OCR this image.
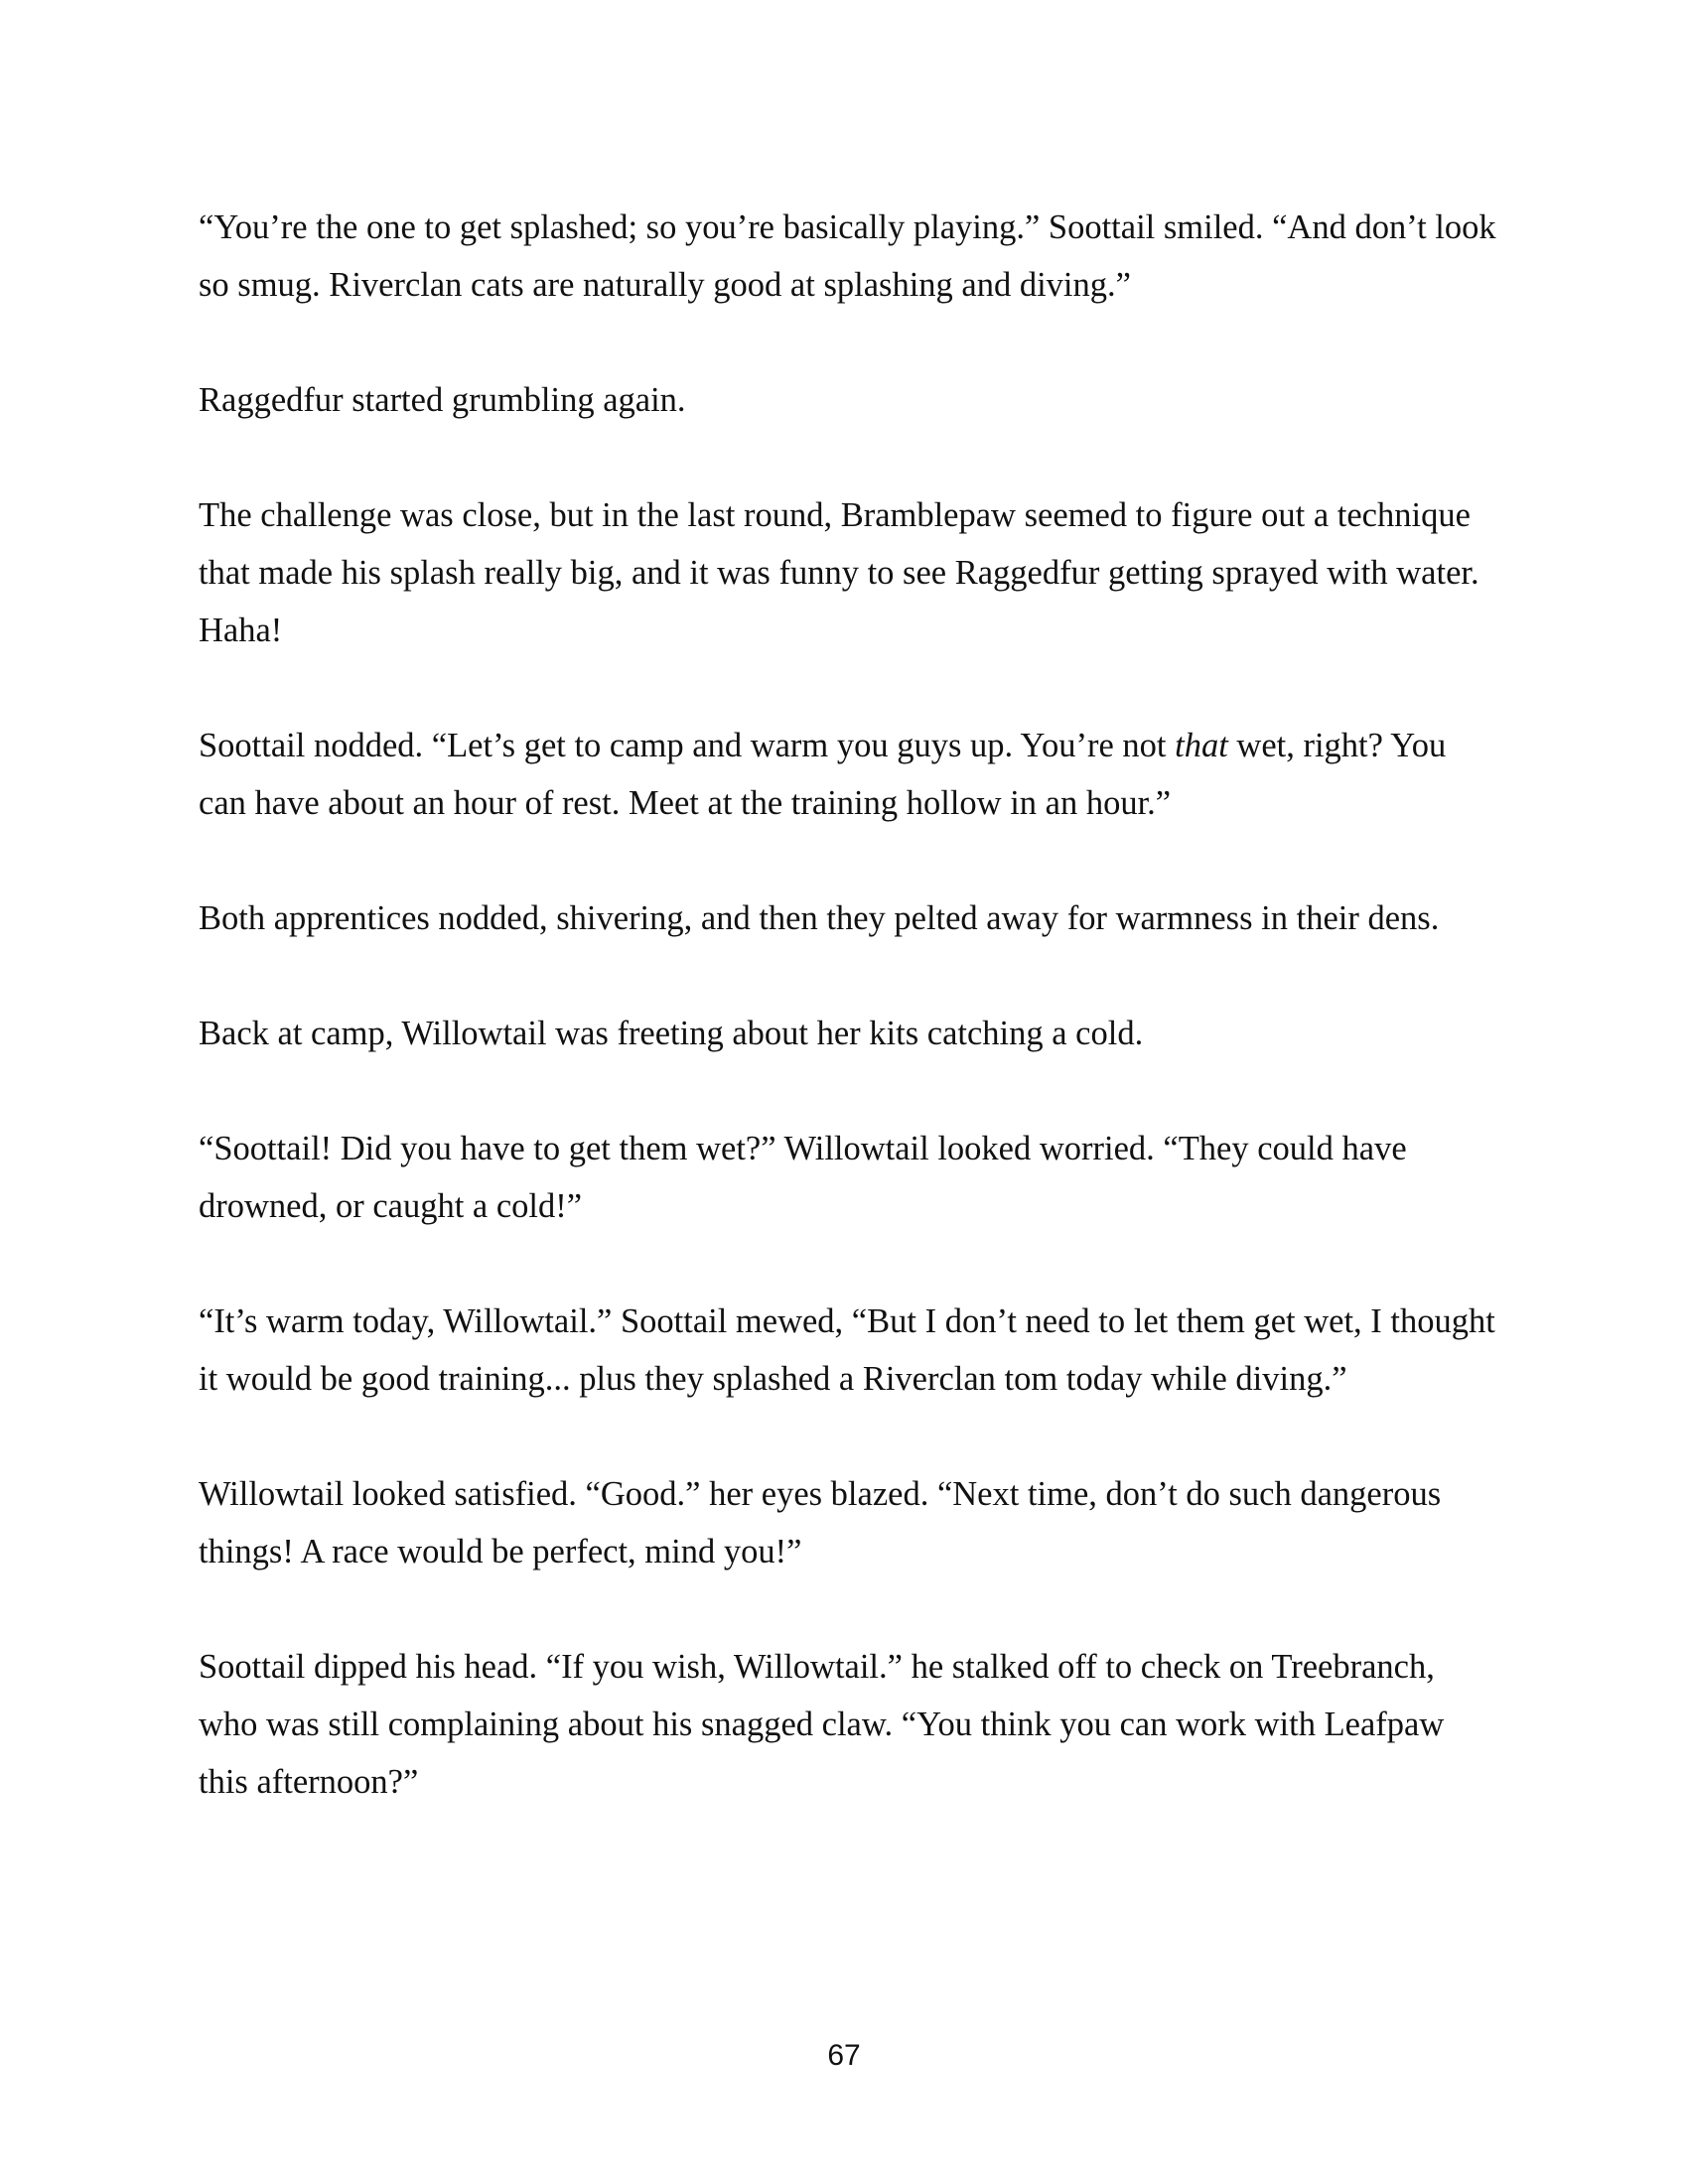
“You’re the one to get splashed; so you’re basically playing.” Soottail smiled. “And don’t look so smug. Riverclan cats are naturally good at splashing and diving.”

Raggedfur started grumbling again.

The challenge was close, but in the last round, Bramblepaw seemed to figure out a technique that made his splash really big, and it was funny to see Raggedfur getting sprayed with water. Haha!

Soottail nodded. “Let’s get to camp and warm you guys up. You’re not that wet, right? You can have about an hour of rest. Meet at the training hollow in an hour.”

Both apprentices nodded, shivering, and then they pelted away for warmness in their dens.

Back at camp, Willowtail was freeting about her kits catching a cold.

“Soottail! Did you have to get them wet?” Willowtail looked worried. “They could have drowned, or caught a cold!”

“It’s warm today, Willowtail.” Soottail mewed, “But I don’t need to let them get wet, I thought it would be good training... plus they splashed a Riverclan tom today while diving.”

Willowtail looked satisfied. “Good.” her eyes blazed. “Next time, don’t do such dangerous things! A race would be perfect, mind you!”

Soottail dipped his head. “If you wish, Willowtail.” he stalked off to check on Treebranch, who was still complaining about his snagged claw. “You think you can work with Leafpaw this afternoon?”

67
